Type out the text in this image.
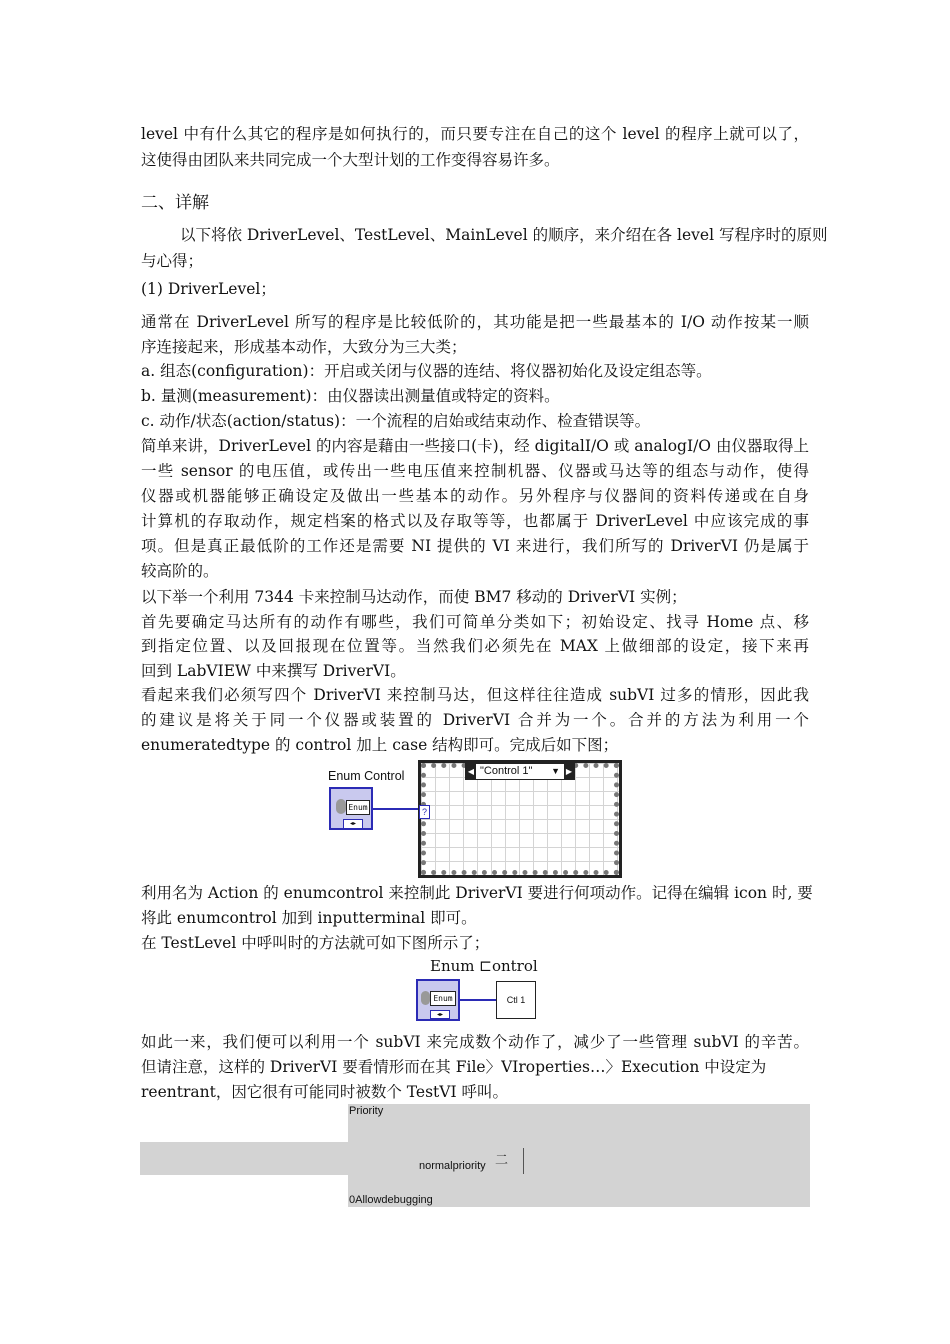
level 中有什么其它的程序是如何执行的，而只要专注在自己的这个 level 的程序上就可以了，
这使得由团队来共同完成一个大型计划的工作变得容易许多。
二、详解
以下将依 DriverLevel、TestLevel、MainLevel 的顺序，来介绍在各 level 写程序时的原则
与心得；
(1) DriverLevel；
通常在 DriverLevel 所写的程序是比较低阶的，其功能是把一些最基本的 I/O 动作按某一顺
序连接起来，形成基本动作，大致分为三大类；
a. 组态(configuration)：开启或关闭与仪器的连结、将仪器初始化及设定组态等。
b. 量测(measurement)：由仪器读出测量值或特定的资料。
c. 动作/状态(action/status)：一个流程的启始或结束动作、检查错误等。
简单来讲，DriverLevel 的内容是藉由一些接口(卡)，经 digitalI/O 或 analogI/O 由仪器取得上
一些 sensor 的电压值，或传出一些电压值来控制机器、仪器或马达等的组态与动作，使得
仪器或机器能够正确设定及做出一些基本的动作。另外程序与仪器间的资料传递或在自身
计算机的存取动作，规定档案的格式以及存取等等，也都属于 DriverLevel 中应该完成的事
项。但是真正最低阶的工作还是需要 NI 提供的 VI 来进行，我们所写的 DriverVI 仍是属于
较高阶的。
以下举一个利用 7344 卡来控制马达动作，而使 BM7 移动的 DriverVI 实例；
首先要确定马达所有的动作有哪些，我们可简单分类如下；初始设定、找寻 Home 点、移
到指定位置、以及回报现在位置等。当然我们必须先在 MAX 上做细部的设定，接下来再
回到 LabVIEW 中来撰写 DriverVI。
看起来我们必须写四个 DriverVI 来控制马达，但这样往往造成 subVI 过多的情形，因此我
的建议是将关于同一个仪器或装置的 DriverVI 合并为一个。合并的方法为利用一个
enumeratedtype 的 control 加上 case 结构即可。完成后如下图；
Enum Control
Enum
◂▸
◀ "Control 1" ▼ ▶
?
利用名为 Action 的 enumcontrol 来控制此 DriverVI 要进行何项动作。记得在编辑 icon 时, 要
将此 enumcontrol 加到 inputterminal 即可。
在 TestLevel 中呼叫时的方法就可如下图所示了；
Enum ⊏ontrol
Enum
◂▸
Ctl 1
如此一来，我们便可以利用一个 subVI 来完成数个动作了，减少了一些管理 subVI 的辛苦。
但请注意，这样的 DriverVI 要看情形而在其 File〉VIroperties…〉Execution 中设定为
reentrant，因它很有可能同时被数个 TestVI 呼叫。
Priority
normalpriority 二
0Allowdebugging
